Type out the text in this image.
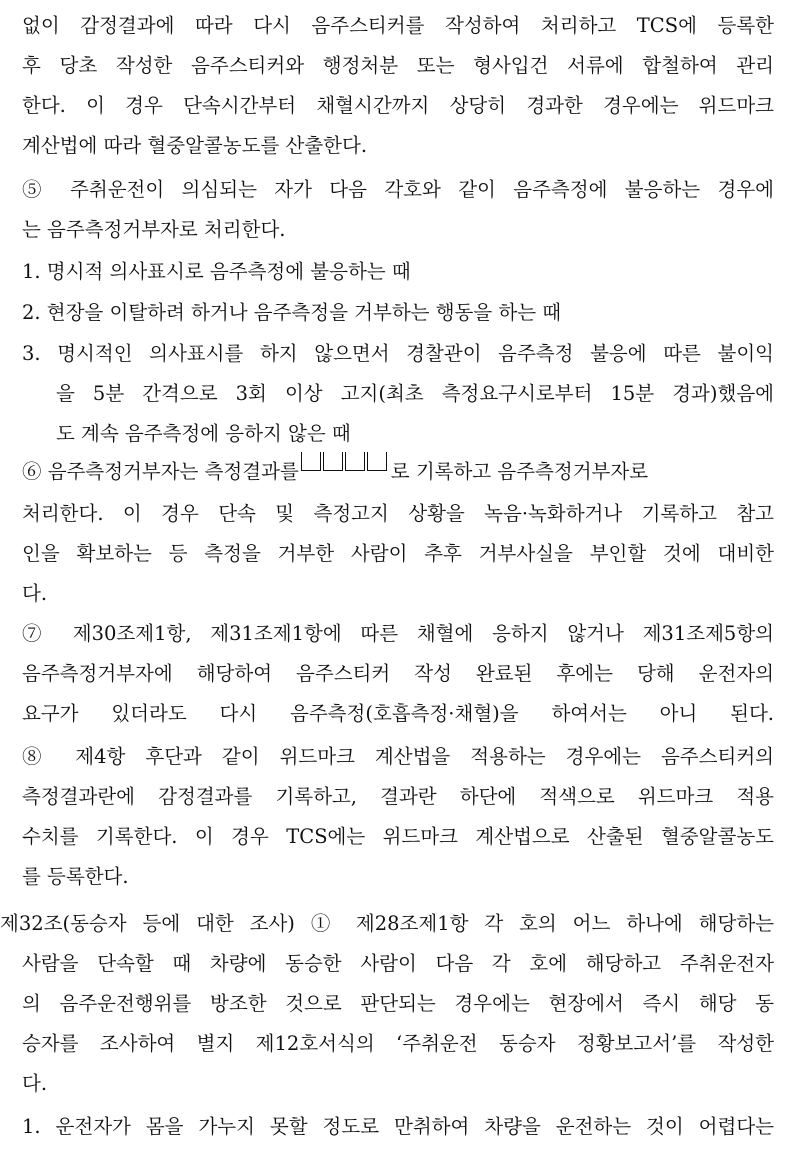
없이 감정결과에 따라 다시 음주스티커를 작성하여 처리하고 TCS에 등록한
후 당초 작성한 음주스티커와 행정처분 또는 형사입건 서류에 합철하여 관리
한다. 이 경우 단속시간부터 채혈시간까지 상당히 경과한 경우에는 위드마크
계산법에 따라 혈중알콜농도를 산출한다.
⑤ 주취운전이 의심되는 자가 다음 각호와 같이 음주측정에 불응하는 경우에
는 음주측정거부자로 처리한다.
1. 명시적 의사표시로 음주측정에 불응하는 때
2. 현장을 이탈하려 하거나 음주측정을 거부하는 행동을 하는 때
3. 명시적인 의사표시를 하지 않으면서 경찰관이 음주측정 불응에 따른 불이익
을 5분 간격으로 3회 이상 고지(최초 측정요구시로부터 15분 경과)했음에
도 계속 음주측정에 응하지 않은 때
⑥ 음주측정거부자는 측정결과를	로 기록하고 음주측정거부자로
처리한다. 이 경우 단속 및 측정고지 상황을 녹음·녹화하거나 기록하고 참고
인을 확보하는 등 측정을 거부한 사람이 추후 거부사실을 부인할 것에 대비한
다.
⑦ 제30조제1항, 제31조제1항에 따른 채혈에 응하지 않거나 제31조제5항의
음주측정거부자에 해당하여 음주스티커 작성 완료된 후에는 당해 운전자의
요구가 있더라도 다시 음주측정(호흡측정·채혈)을 하여서는 아니 된다.
⑧ 제4항 후단과 같이 위드마크 계산법을 적용하는 경우에는 음주스티커의
측정결과란에 감정결과를 기록하고, 결과란 하단에 적색으로 위드마크 적용
수치를 기록한다. 이 경우 TCS에는 위드마크 계산법으로 산출된 혈중알콜농도
를 등록한다.
제32조(동승자 등에 대한 조사) ① 제28조제1항 각 호의 어느 하나에 해당하는
사람을 단속할 때 차량에 동승한 사람이 다음 각 호에 해당하고 주취운전자
의 음주운전행위를 방조한 것으로 판단되는 경우에는 현장에서 즉시 해당 동
승자를 조사하여 별지 제12호서식의 ‘주취운전 동승자 정황보고서’를 작성한
다.
1. 운전자가 몸을 가누지 못할 정도로 만취하여 차량을 운전하는 것이 어렵다는
